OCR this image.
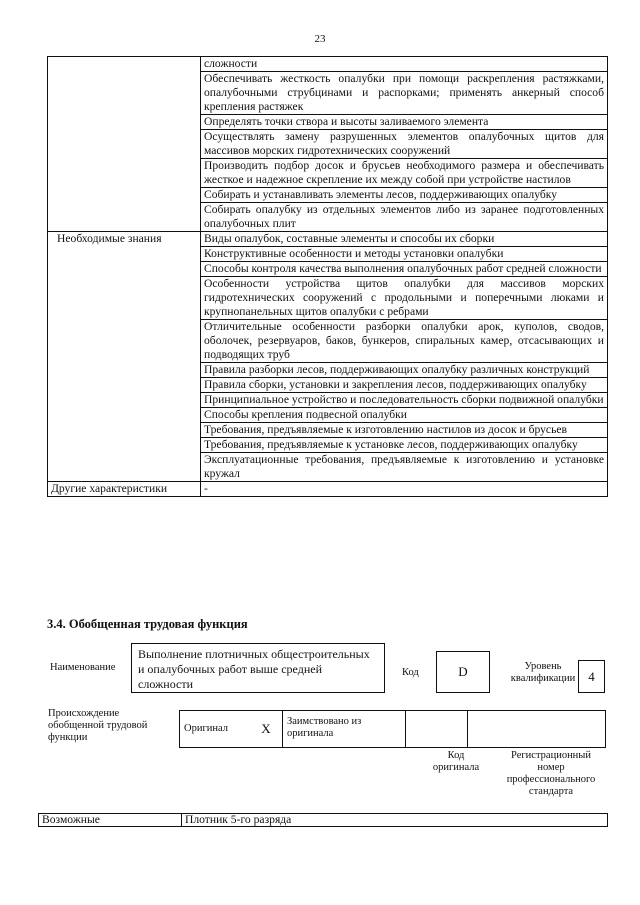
23
	сложности
	Обеспечивать жесткость опалубки при помощи раскрепления растяжками, опалубочными струбцинами и распорками; применять анкерный способ крепления растяжек
	Определять точки створа и высоты заливаемого элемента
	Осуществлять замену разрушенных элементов опалубочных щитов для массивов морских гидротехнических сооружений
	Производить подбор досок и брусьев необходимого размера и обеспечивать жесткое и надежное скрепление их между собой при устройстве настилов
	Собирать и устанавливать элементы лесов, поддерживающих опалубку
	Собирать опалубку из отдельных элементов либо из заранее подготовленных опалубочных плит
Необходимые знания	Виды опалубок, составные элементы и способы их сборки
	Конструктивные особенности и методы установки опалубки
	Способы контроля качества выполнения опалубочных работ средней сложности
	Особенности устройства щитов опалубки для массивов морских гидротехнических сооружений с продольными и поперечными люками и крупнопанельных щитов опалубки с ребрами
	Отличительные особенности разборки опалубки арок, куполов, сводов, оболочек, резервуаров, баков, бункеров, спиральных камер, отсасывающих и подводящих труб
	Правила разборки лесов, поддерживающих опалубку различных конструкций
	Правила сборки, установки и закрепления лесов, поддерживающих опалубку
	Принципиальное устройство и последовательность сборки подвижной опалубки
	Способы крепления подвесной опалубки
	Требования, предъявляемые к изготовлению настилов из досок и брусьев
	Требования, предъявляемые к установке лесов, поддерживающих опалубку
	Эксплуатационные требования, предъявляемые к изготовлению и установке кружал
Другие характеристики	-
3.4. Обобщенная трудовая функция
Наименование
Выполнение плотничных общестроительных и опалубочных работ выше средней сложности
Код	D	Уровень квалификации	4
Происхождение обобщенной трудовой функции
Оригинал	X	Заимствовано из оригинала		
Код оригинала
Регистрационный номер профессионального стандарта
Возможные	Плотник 5-го разряда
